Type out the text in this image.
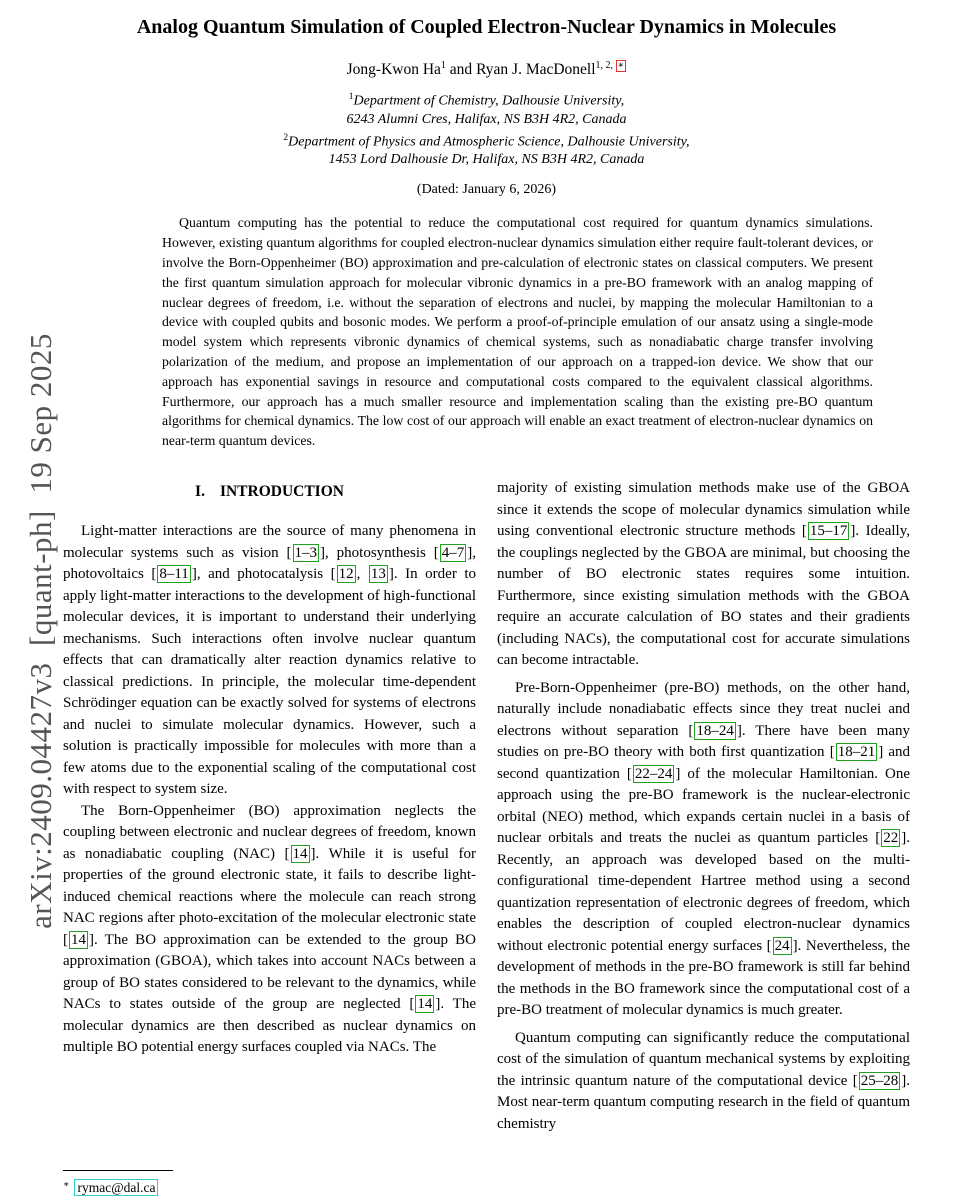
arXiv:2409.04427v3  [quant-ph]  19 Sep 2025
Analog Quantum Simulation of Coupled Electron-Nuclear Dynamics in Molecules
Jong-Kwon Ha$^1$ and Ryan J. MacDonell$^{1, 2, ∗}$
$^1$Department of Chemistry, Dalhousie University,
6243 Alumni Cres, Halifax, NS B3H 4R2, Canada
$^2$Department of Physics and Atmospheric Science, Dalhousie University,
1453 Lord Dalhousie Dr, Halifax, NS B3H 4R2, Canada
(Dated: January 6, 2026)

Quantum computing has the potential to reduce the computational cost required for quantum dynamics simulations. However, existing quantum algorithms for coupled electron-nuclear dynamics simulation either require fault-tolerant devices, or involve the Born-Oppenheimer (BO) approximation and pre-calculation of electronic states on classical computers. We present the first quantum simulation approach for molecular vibronic dynamics in a pre-BO framework with an analog mapping of nuclear degrees of freedom, i.e. without the separation of electrons and nuclei, by mapping the molecular Hamiltonian to a device with coupled qubits and bosonic modes. We perform a proof-of-principle emulation of our ansatz using a single-mode model system which represents vibronic dynamics of chemical systems, such as nonadiabatic charge transfer involving polarization of the medium, and propose an implementation of our approach on a trapped-ion device. We show that our approach has exponential savings in resource and computational costs compared to the equivalent classical algorithms. Furthermore, our approach has a much smaller resource and implementation scaling than the existing pre-BO quantum algorithms for chemical dynamics. The low cost of our approach will enable an exact treatment of electron-nuclear dynamics on near-term quantum devices.

I. INTRODUCTION

Light-matter interactions are the source of many phenomena in molecular systems such as vision [ 1–3 ], photosynthesis [ 4–7 ], photovoltaics [ 8–11 ], and photocatalysis [ 12 , 13 ]. In order to apply light-matter interactions to the development of high-functional molecular devices, it is important to understand their underlying mechanisms. Such interactions often involve nuclear quantum effects that can dramatically alter reaction dynamics relative to classical predictions. In principle, the molecular time-dependent Schrödinger equation can be exactly solved for systems of electrons and nuclei to simulate molecular dynamics. However, such a solution is practically impossible for molecules with more than a few atoms due to the exponential scaling of the computational cost with respect to system size.

The Born-Oppenheimer (BO) approximation neglects the coupling between electronic and nuclear degrees of freedom, known as nonadiabatic coupling (NAC) [ 14 ]. While it is useful for properties of the ground electronic state, it fails to describe light-induced chemical reactions where the molecule can reach strong NAC regions after photo-excitation of the molecular electronic state [ 14 ]. The BO approximation can be extended to the group BO approximation (GBOA), which takes into account NACs between a group of BO states considered to be relevant to the dynamics, while NACs to states outside of the group are neglected [ 14 ]. The molecular dynamics are then described as nuclear dynamics on multiple BO potential energy surfaces coupled via NACs. The

majority of existing simulation methods make use of the GBOA since it extends the scope of molecular dynamics simulation while using conventional electronic structure methods [ 15–17 ]. Ideally, the couplings neglected by the GBOA are minimal, but choosing the number of BO electronic states requires some intuition. Furthermore, since existing simulation methods with the GBOA require an accurate calculation of BO states and their gradients (including NACs), the computational cost for accurate simulations can become intractable.

Pre-Born-Oppenheimer (pre-BO) methods, on the other hand, naturally include nonadiabatic effects since they treat nuclei and electrons without separation [ 18–24 ]. There have been many studies on pre-BO theory with both first quantization [ 18–21 ] and second quantization [ 22–24 ] of the molecular Hamiltonian. One approach using the pre-BO framework is the nuclear-electronic orbital (NEO) method, which expands certain nuclei in a basis of nuclear orbitals and treats the nuclei as quantum particles [ 22 ]. Recently, an approach was developed based on the multi-configurational time-dependent Hartree method using a second quantization representation of electronic degrees of freedom, which enables the description of coupled electron-nuclear dynamics without electronic potential energy surfaces [ 24 ]. Nevertheless, the development of methods in the pre-BO framework is still far behind the methods in the BO framework since the computational cost of a pre-BO treatment of molecular dynamics is much greater.

Quantum computing can significantly reduce the computational cost of the simulation of quantum mechanical systems by exploiting the intrinsic quantum nature of the computational device [ 25–28 ]. Most near-term quantum computing research in the field of quantum chemistry

∗ rymac@dal.ca
